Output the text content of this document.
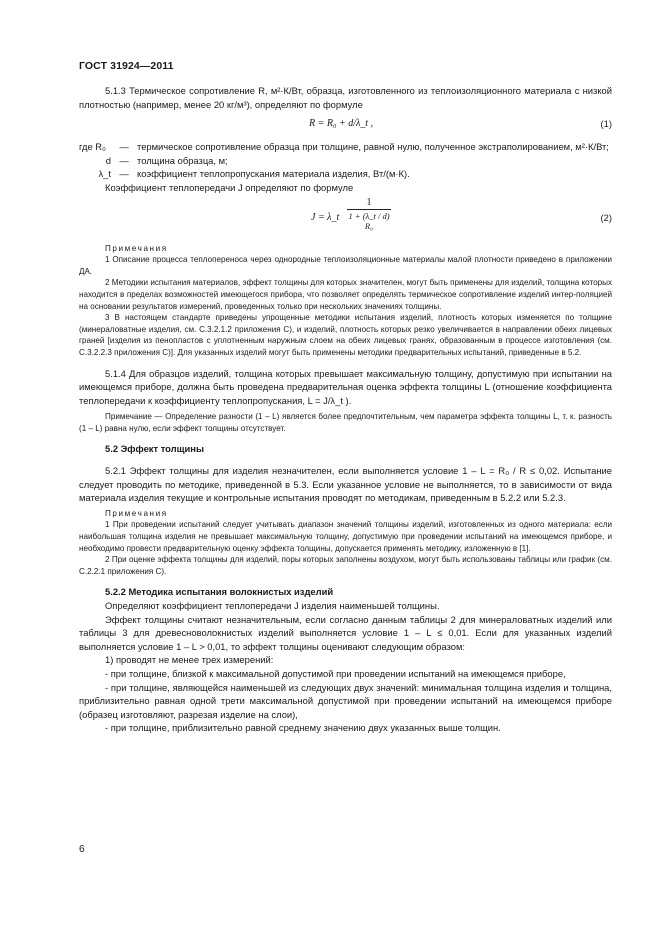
ГОСТ 31924—2011

5.1.3 Термическое сопротивление R, м²·К/Вт, образца, изготовленного из теплоизоляционного материала с низкой плотностью (например, менее 20 кг/м³), определяют по формуле

R = R₀ + d/λ_t ,	(1)
где R₀	— термическое сопротивление образца при толщине, равной нулю, полученное экстраполированием, м²·К/Вт;
d — толщина образца, м;
λ_t — коэффициент теплопропускания материала изделия, Вт/(м·К).

Коэффициент теплопередачи J определяют по формуле

J = λ_t $\frac{1}{\text{1 + (λ\_t / d) R₀}}$	(2)

Примечания

1 Описание процесса теплопереноса через однородные теплоизоляционные материалы малой плотности приведено в приложении ДА.

2 Методики испытания материалов, эффект толщины для которых значителен, могут быть применены для изделий, толщина которых находится в пределах возможностей имеющегося прибора, что позволяет определять термическое сопротивление изделий интер-поляцией на основании результатов измерений, проведенных только при нескольких значениях толщины.

3 В настоящем стандарте приведены упрощенные методики испытания изделий, плотность которых изменяется по толщине (минераловатные изделия, см. С.3.2.1.2 приложения С), и изделий, плотность которых резко увеличивается в направлении обеих лицевых граней [изделия из пенопластов с уплотненным наружным слоем на обеих лицевых гранях, образованным в процессе изготовления (см. С.3.2.2.3 приложения С)]. Для указанных изделий могут быть применены методики предварительных испытаний, приведенные в 5.2.

5.1.4 Для образцов изделий, толщина которых превышает максимальную толщину, допустимую при испытании на имеющемся приборе, должна быть проведена предварительная оценка эффекта толщины L (отношение коэффициента теплопередачи к коэффициенту теплопропускания, L = J/λ_t ).

Примечание — Определение разности (1 – L) является более предпочтительным, чем параметра эффекта толщины L, т. к. разность (1 – L) равна нулю, если эффект толщины отсутствует.

5.2 Эффект толщины

5.2.1 Эффект толщины для изделия незначителен, если выполняется условие 1 – L = R₀ / R ≤ 0,02. Испытание следует проводить по методике, приведенной в 5.3. Если указанное условие не выполняется, то в зависимости от вида материала изделия текущие и контрольные испытания проводят по методикам, приведенным в 5.2.2 или 5.2.3.

Примечания

1 При проведении испытаний следует учитывать диапазон значений толщины изделий, изготовленных из одного материала: если наибольшая толщина изделия не превышает максимальную толщину, допустимую при проведении испытаний на имеющемся приборе, и необходимо провести предварительную оценку эффекта толщины, допускается применять методику, изложенную в [1].

2 При оценке эффекта толщины для изделий, поры которых заполнены воздухом, могут быть использованы таблицы или график (см. С.2.2.1 приложения С).

5.2.2 Методика испытания волокнистых изделий

Определяют коэффициент теплопередачи J изделия наименьшей толщины.

Эффект толщины считают незначительным, если согласно данным таблицы 2 для минераловатных изделий или таблицы 3 для древесноволокнистых изделий выполняется условие 1 – L ≤ 0,01. Если для указанных изделий выполняется условие 1 – L > 0,01, то эффект толщины оценивают следующим образом:

1) проводят не менее трех измерений:

- при толщине, близкой к максимальной допустимой при проведении испытаний на имеющемся приборе,

- при толщине, являющейся наименьшей из следующих двух значений: минимальная толщина изделия и толщина, приблизительно равная одной трети максимальной допустимой при проведении испытаний на имеющемся приборе (образец изготовляют, разрезая изделие на слои),

- при толщине, приблизительно равной среднему значению двух указанных выше толщин.

6
